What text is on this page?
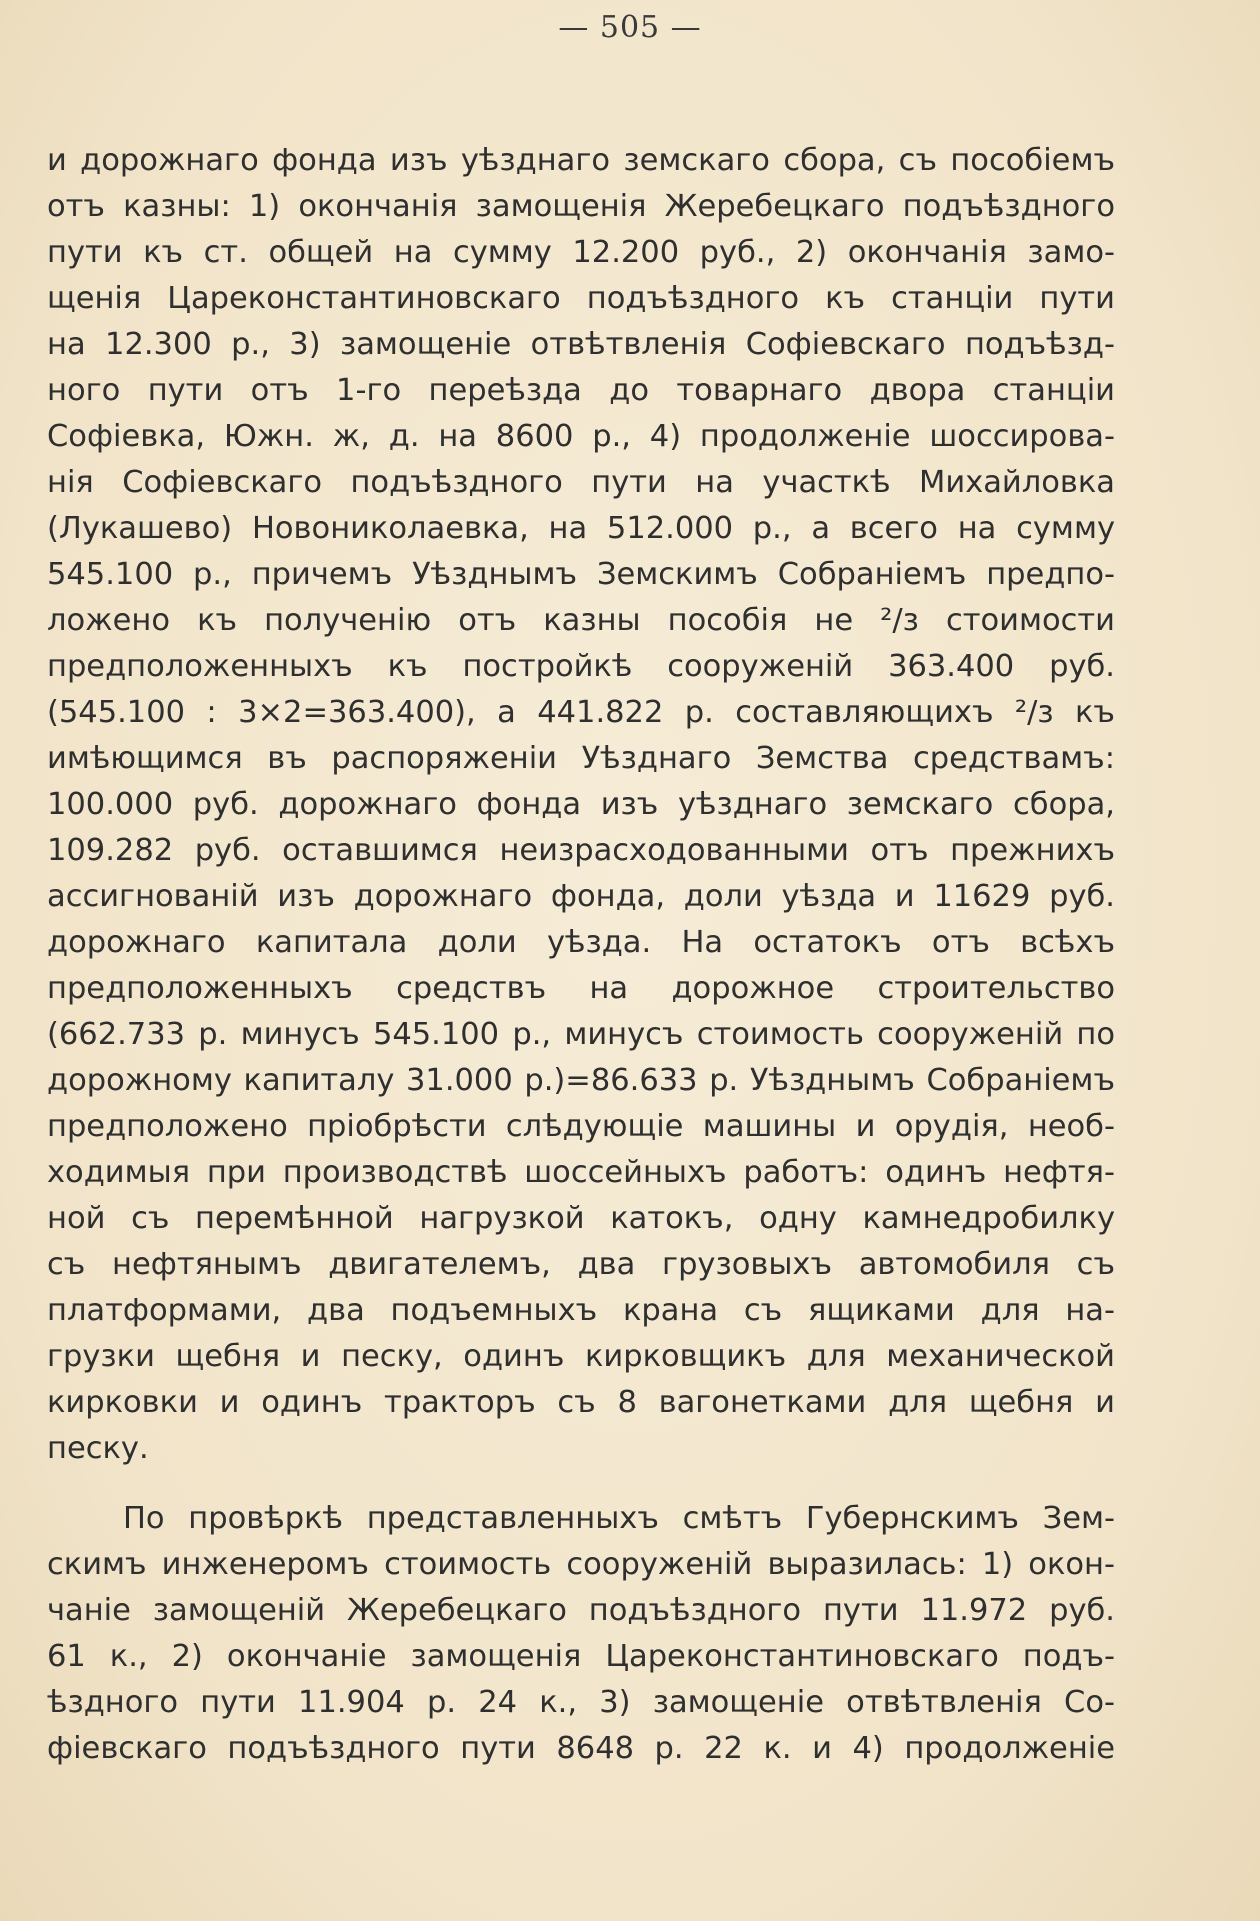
— 505 —
и дорожнаго фонда изъ уѣзднаго земскаго сбора, съ пособіемъ
отъ казны: 1) окончанія замощенія Жеребецкаго подъѣздного
пути къ ст. общей на сумму 12.200 руб., 2) окончанія замо-
щенія Цареконстантиновскаго подъѣздного къ станціи пути
на 12.300 р., 3) замощеніе отвѣтвленія Софіевскаго подъѣзд-
ного пути отъ 1-го переѣзда до товарнаго двора станціи
Софіевка, Южн. ж, д. на 8600 р., 4) продолженіе шоссирова-
нія Софіевскаго подъѣздного пути на участкѣ Михайловка
(Лукашево) Новониколаевка, на 512.000 р., а всего на сумму
545.100 р., причемъ Уѣзднымъ Земскимъ Собраніемъ предпо-
ложено къ полученію отъ казны пособія не ²/з стоимости
предположенныхъ къ постройкѣ сооруженій 363.400 руб.
(545.100 : 3×2=363.400), а 441.822 р. составляющихъ ²/з къ
имѣющимся въ распоряженіи Уѣзднаго Земства средствамъ:
100.000 руб. дорожнаго фонда изъ уѣзднаго земскаго сбора,
109.282 руб. оставшимся неизрасходованными отъ прежнихъ
ассигнованій изъ дорожнаго фонда, доли уѣзда и 11629 руб.
дорожнаго капитала доли уѣзда. На остатокъ отъ всѣхъ
предположенныхъ средствъ на дорожное строительство
(662.733 р. минусъ 545.100 р., минусъ стоимость сооруженій по
дорожному капиталу 31.000 р.)=86.633 р. Уѣзднымъ Собраніемъ
предположено пріобрѣсти слѣдующіе машины и орудія, необ-
ходимыя при производствѣ шоссейныхъ работъ: одинъ нефтя-
ной съ перемѣнной нагрузкой катокъ, одну камнедробилку
съ нефтянымъ двигателемъ, два грузовыхъ автомобиля съ
платформами, два подъемныхъ крана съ ящиками для на-
грузки щебня и песку, одинъ кирковщикъ для механической
кирковки и одинъ тракторъ съ 8 вагонетками для щебня и
песку.
По провѣркѣ представленныхъ смѣтъ Губернскимъ Зем-
скимъ инженеромъ стоимость сооруженій выразилась: 1) окон-
чаніе замощеній Жеребецкаго подъѣздного пути 11.972 руб.
61 к., 2) окончаніе замощенія Цареконстантиновскаго подъ-
ѣздного пути 11.904 р. 24 к., 3) замощеніе отвѣтвленія Со-
фіевскаго подъѣздного пути 8648 р. 22 к. и 4) продолженіе
